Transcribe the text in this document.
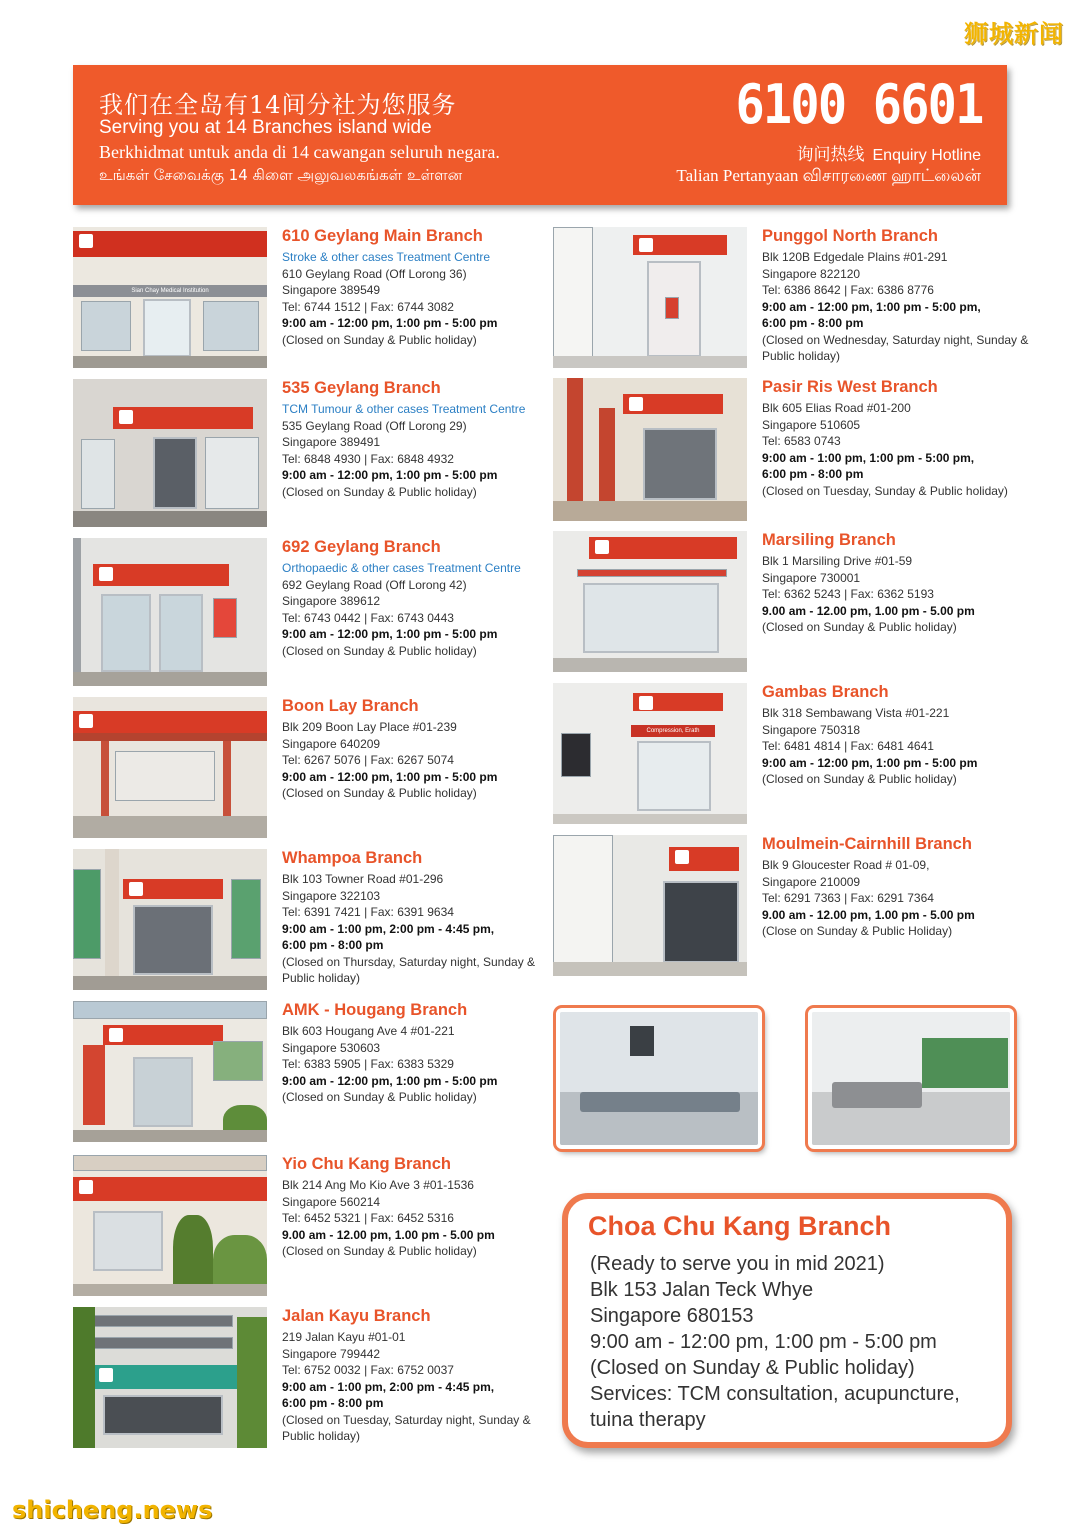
狮城新闻
我们在全岛有14间分社为您服务
Serving you at 14 Branches island wide
Berkhidmat untuk anda di 14 cawangan seluruh negara.
உங்கள் சேவைக்கு 14 கிளை அலுவலகங்கள் உள்ளன
6100 6601
询问热线 Enquiry Hotline
Talian Pertanyaan விசாரணை ஹாட்லைன்
Sian Chay Medical Institution
610 Geylang Main Branch
Stroke & other cases Treatment Centre
610 Geylang Road (Off Lorong 36)
Singapore 389549
Tel: 6744 1512 | Fax: 6744 3082
9:00 am - 12:00 pm, 1:00 pm - 5:00 pm
(Closed on Sunday & Public holiday)
535 Geylang Branch
TCM Tumour & other cases Treatment Centre
535 Geylang Road (Off Lorong 29)
Singapore 389491
Tel: 6848 4930 | Fax: 6848 4932
9:00 am - 12:00 pm, 1:00 pm - 5:00 pm
(Closed on Sunday & Public holiday)
692 Geylang Branch
Orthopaedic & other cases Treatment Centre
692 Geylang Road (Off Lorong 42)
Singapore 389612
Tel: 6743 0442 | Fax: 6743 0443
9:00 am - 12:00 pm, 1:00 pm - 5:00 pm
(Closed on Sunday & Public holiday)
Boon Lay Branch
Blk 209 Boon Lay Place #01-239
Singapore 640209
Tel: 6267 5076 | Fax: 6267 5074
9:00 am - 12:00 pm, 1:00 pm - 5:00 pm
(Closed on Sunday & Public holiday)
Whampoa Branch
Blk 103 Towner Road #01-296
Singapore 322103
Tel: 6391 7421 | Fax: 6391 9634
9:00 am - 1:00 pm, 2:00 pm - 4:45 pm,
6:00 pm - 8:00 pm
(Closed on Thursday, Saturday night, Sunday & Public holiday)
AMK - Hougang Branch
Blk 603 Hougang Ave 4 #01-221
Singapore 530603
Tel: 6383 5905 | Fax: 6383 5329
9:00 am - 12:00 pm, 1:00 pm - 5:00 pm
(Closed on Sunday & Public holiday)
Yio Chu Kang Branch
Blk 214 Ang Mo Kio Ave 3 #01-1536
Singapore 560214
Tel: 6452 5321 | Fax: 6452 5316
9.00 am - 12.00 pm, 1.00 pm - 5.00 pm
(Closed on Sunday & Public holiday)
Jalan Kayu Branch
219 Jalan Kayu #01-01
Singapore 799442
Tel: 6752 0032 | Fax: 6752 0037
9:00 am - 1:00 pm, 2:00 pm - 4:45 pm,
6:00 pm - 8:00 pm
(Closed on Tuesday, Saturday night, Sunday & Public holiday)
Punggol North Branch
Blk 120B Edgedale Plains #01-291
Singapore 822120
Tel: 6386 8642 | Fax: 6386 8776
9:00 am - 12:00 pm, 1:00 pm - 5:00 pm,
6:00 pm - 8:00 pm
(Closed on Wednesday, Saturday night, Sunday & Public holiday)
Pasir Ris West Branch
Blk 605 Elias Road #01-200
Singapore 510605
Tel: 6583 0743
9:00 am - 1:00 pm, 1:00 pm - 5:00 pm,
6:00 pm - 8:00 pm
(Closed on Tuesday, Sunday & Public holiday)
Marsiling Branch
Blk 1 Marsiling Drive #01-59
Singapore 730001
Tel: 6362 5243 | Fax: 6362 5193
9.00 am - 12.00 pm, 1.00 pm - 5.00 pm
(Closed on Sunday & Public holiday)
Compression, Erath
Gambas Branch
Blk 318 Sembawang Vista #01-221
Singapore 750318
Tel: 6481 4814 | Fax: 6481 4641
9:00 am - 12:00 pm, 1:00 pm - 5:00 pm
(Closed on Sunday & Public holiday)
Moulmein-Cairnhill Branch
Blk 9 Gloucester Road # 01-09,
Singapore 210009
Tel: 6291 7363 | Fax: 6291 7364
9.00 am - 12.00 pm, 1.00 pm - 5.00 pm
(Close on Sunday & Public Holiday)
Choa Chu Kang Branch
(Ready to serve you in mid 2021)
Blk 153 Jalan Teck Whye
Singapore 680153
9:00 am - 12:00 pm, 1:00 pm - 5:00 pm
(Closed on Sunday & Public holiday)
Services: TCM consultation, acupuncture,
tuina therapy
shicheng.news
